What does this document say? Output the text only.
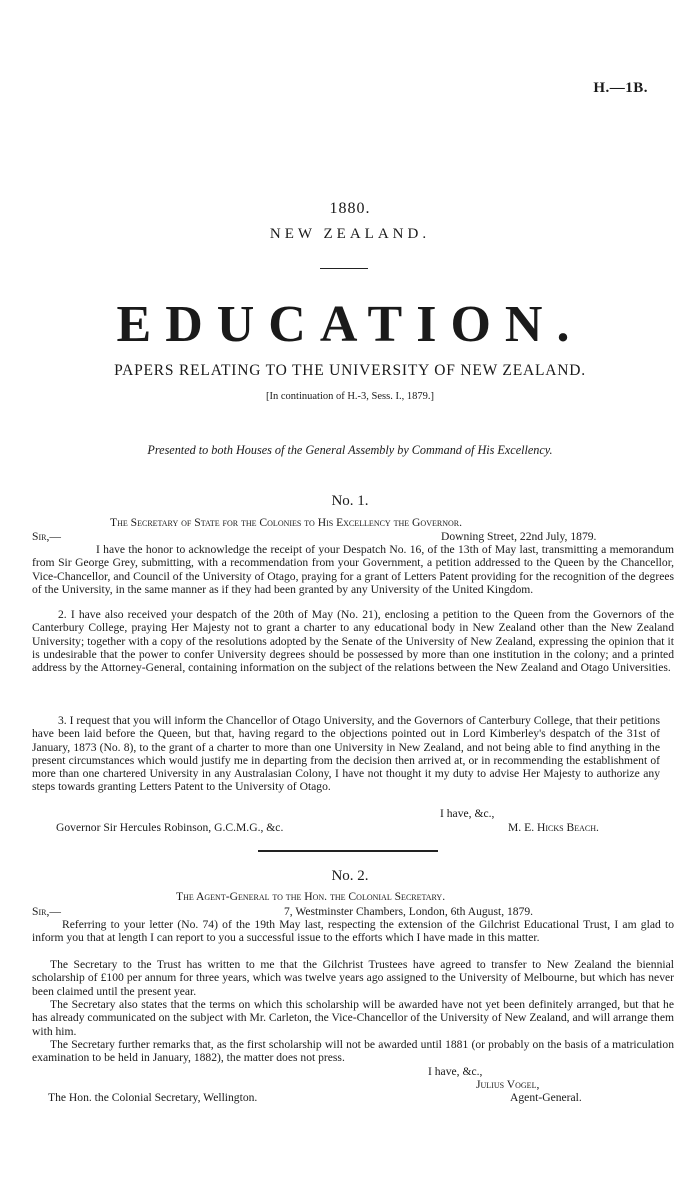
H.—1B.
1880.
NEW ZEALAND.
EDUCATION.
PAPERS RELATING TO THE UNIVERSITY OF NEW ZEALAND.
[In continuation of H.-3, Sess. I., 1879.]
Presented to both Houses of the General Assembly by Command of His Excellency.
No. 1.
The Secretary of State for the Colonies to His Excellency the Governor.
Sir,—	Downing Street, 22nd July, 1879.
I have the honor to acknowledge the receipt of your Despatch No. 16, of the 13th of May last, transmitting a memorandum from Sir George Grey, submitting, with a recommendation from your Government, a petition addressed to the Queen by the Chancellor, Vice-Chancellor, and Council of the University of Otago, praying for a grant of Letters Patent providing for the recognition of the degrees of the University, in the same manner as if they had been granted by any University of the United Kingdom.
2. I have also received your despatch of the 20th of May (No. 21), enclosing a petition to the Queen from the Governors of the Canterbury College, praying Her Majesty not to grant a charter to any educational body in New Zealand other than the New Zealand University; together with a copy of the resolutions adopted by the Senate of the University of New Zealand, expressing the opinion that it is undesirable that the power to confer University degrees should be possessed by more than one institution in the colony; and a printed address by the Attorney-General, containing information on the subject of the relations between the New Zealand and Otago Universities.
3. I request that you will inform the Chancellor of Otago University, and the Governors of Canterbury College, that their petitions have been laid before the Queen, but that, having regard to the objections pointed out in Lord Kimberley's despatch of the 31st of January, 1873 (No. 8), to the grant of a charter to more than one University in New Zealand, and not being able to find anything in the present circumstances which would justify me in departing from the decision then arrived at, or in recommending the establishment of more than one chartered University in any Australasian Colony, I have not thought it my duty to advise Her Majesty to authorize any steps towards granting Letters Patent to the University of Otago.
I have, &c.,
Governor Sir Hercules Robinson, G.C.M.G., &c.	M. E. Hicks Beach.
No. 2.
The Agent-General to the Hon. the Colonial Secretary.
Sir,—	7, Westminster Chambers, London, 6th August, 1879.
Referring to your letter (No. 74) of the 19th May last, respecting the extension of the Gilchrist Educational Trust, I am glad to inform you that at length I can report to you a successful issue to the efforts which I have made in this matter.
The Secretary to the Trust has written to me that the Gilchrist Trustees have agreed to transfer to New Zealand the biennial scholarship of £100 per annum for three years, which was twelve years ago assigned to the University of Melbourne, but which has never been claimed until the present year.
The Secretary also states that the terms on which this scholarship will be awarded have not yet been definitely arranged, but that he has already communicated on the subject with Mr. Carleton, the Vice-Chancellor of the University of New Zealand, and will arrange them with him.
The Secretary further remarks that, as the first scholarship will not be awarded until 1881 (or probably on the basis of a matriculation examination to be held in January, 1882), the matter does not press.
I have, &c.,
Julius Vogel,
The Hon. the Colonial Secretary, Wellington.	Agent-General.
